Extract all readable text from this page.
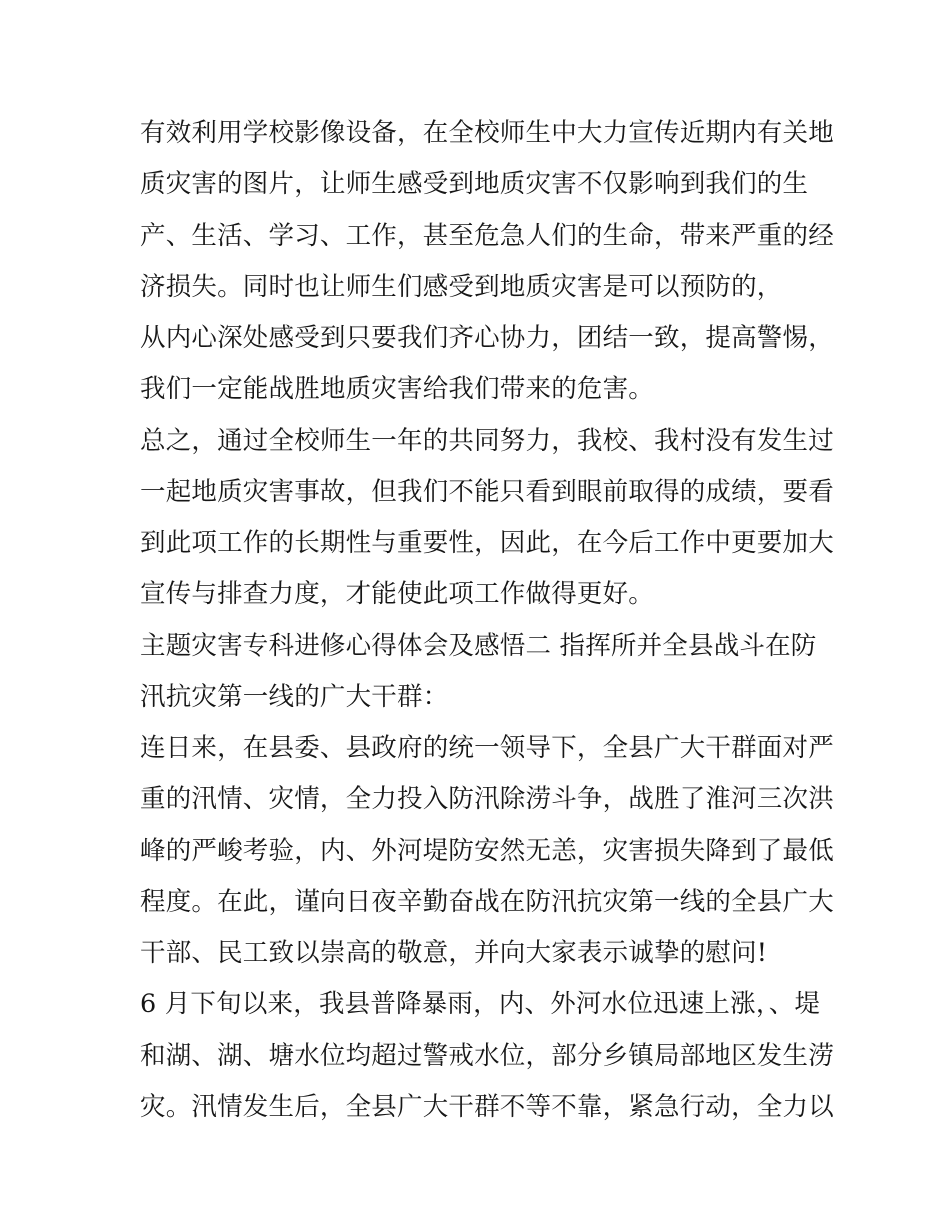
有效利用学校影像设备，在全校师生中大力宣传近期内有关地
质灾害的图片，让师生感受到地质灾害不仅影响到我们的生
产、生活、学习、工作，甚至危急人们的生命，带来严重的经
济损失。同时也让师生们感受到地质灾害是可以预防的，
从内心深处感受到只要我们齐心协力，团结一致，提高警惕，
我们一定能战胜地质灾害给我们带来的危害。
总之，通过全校师生一年的共同努力，我校、我村没有发生过
一起地质灾害事故，但我们不能只看到眼前取得的成绩，要看
到此项工作的长期性与重要性，因此，在今后工作中更要加大
宣传与排查力度，才能使此项工作做得更好。
主题灾害专科进修心得体会及感悟二 指挥所并全县战斗在防
汛抗灾第一线的广大干群：
连日来，在县委、县政府的统一领导下，全县广大干群面对严
重的汛情、灾情，全力投入防汛除涝斗争，战胜了淮河三次洪
峰的严峻考验，内、外河堤防安然无恙，灾害损失降到了最低
程度。在此，谨向日夜辛勤奋战在防汛抗灾第一线的全县广大
干部、民工致以崇高的敬意，并向大家表示诚挚的慰问!
6 月下旬以来，我县普降暴雨，内、外河水位迅速上涨，、堤
和湖、湖、塘水位均超过警戒水位，部分乡镇局部地区发生涝
灾。汛情发生后，全县广大干群不等不靠，紧急行动，全力以
